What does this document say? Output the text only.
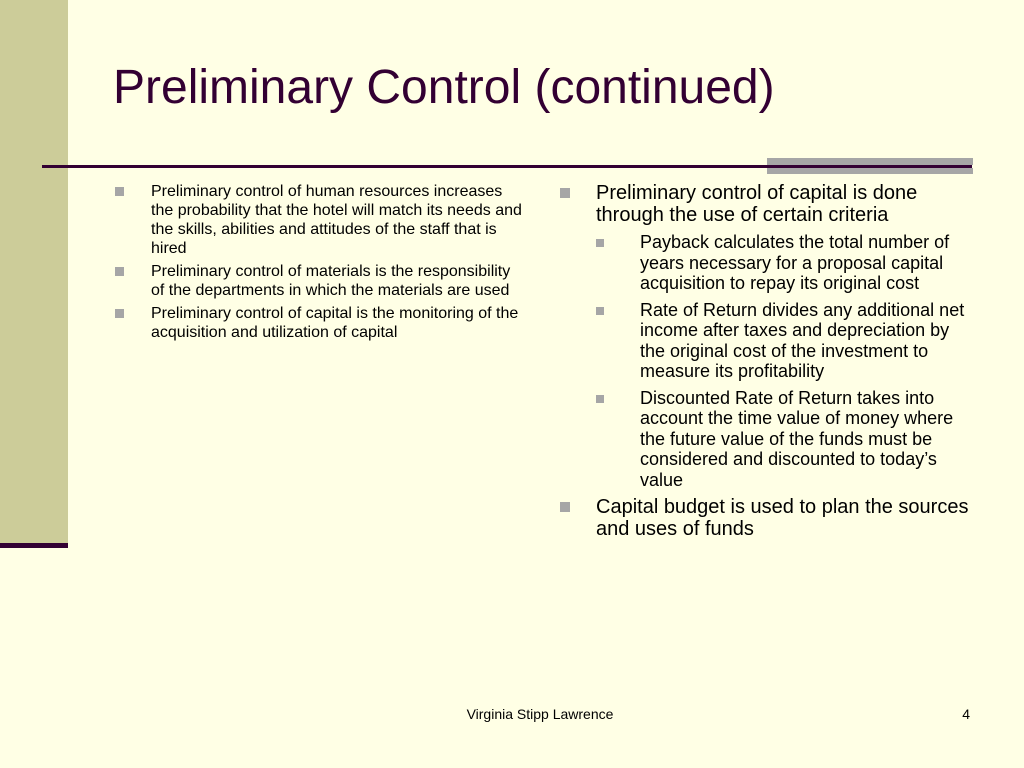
Preliminary Control (continued)
Preliminary control of human resources increases the probability that the hotel will match its needs and the skills, abilities and attitudes of the staff that is hired
Preliminary control of materials is the responsibility of the departments in which the materials are used
Preliminary control of capital is the monitoring of the acquisition and utilization of capital
Preliminary control of capital is done through the use of certain criteria
Payback calculates the total number of years necessary for a proposal capital acquisition to repay its original cost
Rate of Return divides any additional net income after taxes and depreciation by the original cost of the investment to measure its profitability
Discounted Rate of Return takes into account the time value of money where the future value of the funds must be considered and discounted to today’s value
Capital budget is used to plan the sources and uses of funds
Virginia Stipp Lawrence	4
